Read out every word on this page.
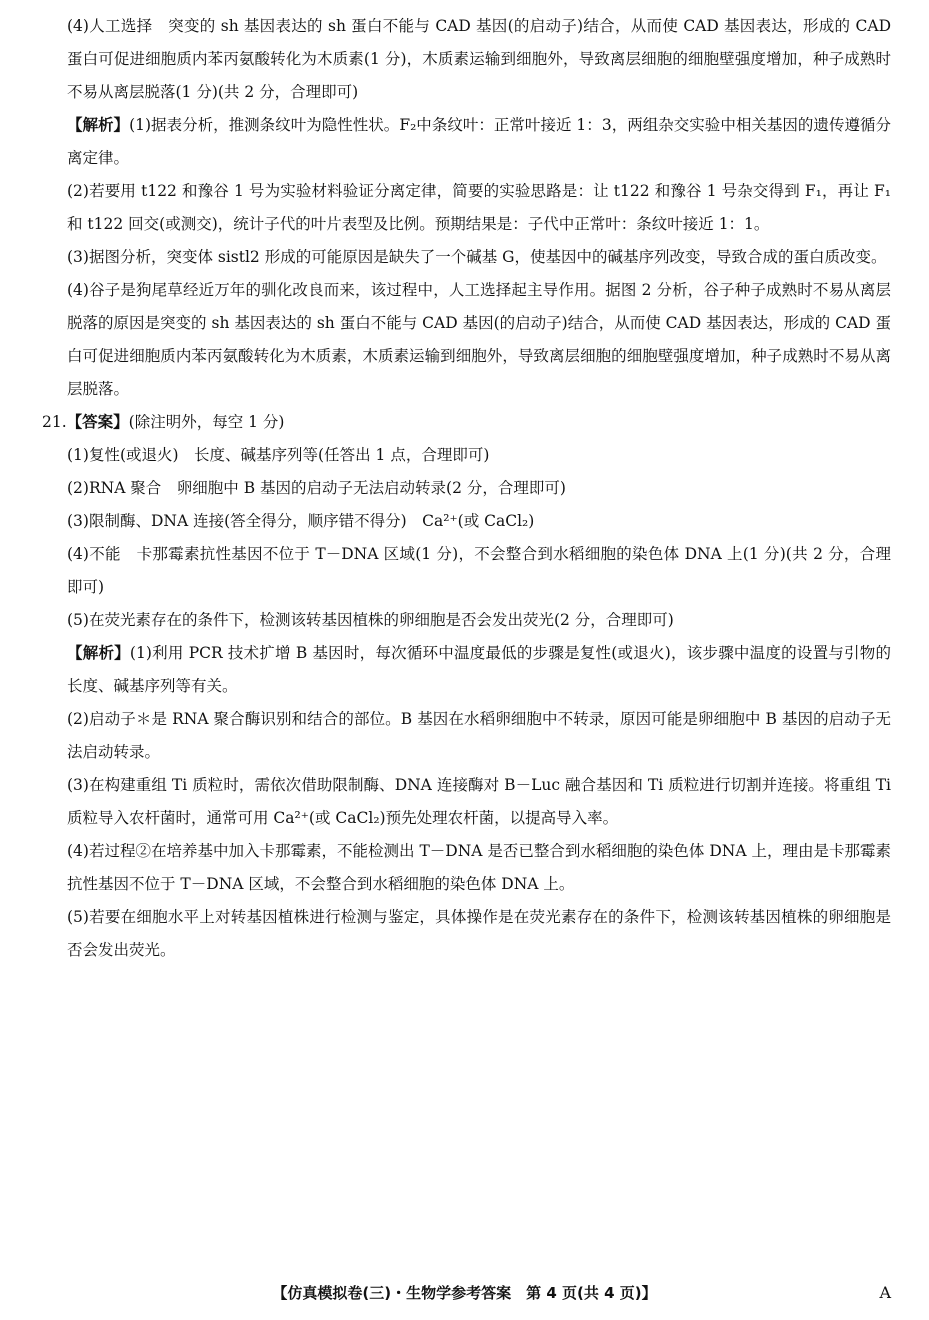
(4)人工选择　突变的 sh 基因表达的 sh 蛋白不能与 CAD 基因(的启动子)结合，从而使 CAD 基因表达，形成的 CAD 蛋白可促进细胞质内苯丙氨酸转化为木质素(1 分)，木质素运输到细胞外，导致离层细胞的细胞壁强度增加，种子成熟时不易从离层脱落(1 分)(共 2 分，合理即可)

【解析】(1)据表分析，推测条纹叶为隐性性状。F₂中条纹叶：正常叶接近 1：3，两组杂交实验中相关基因的遗传遵循分离定律。

(2)若要用 t122 和豫谷 1 号为实验材料验证分离定律，简要的实验思路是：让 t122 和豫谷 1 号杂交得到 F₁，再让 F₁和 t122 回交(或测交)，统计子代的叶片表型及比例。预期结果是：子代中正常叶：条纹叶接近 1：1。

(3)据图分析，突变体 sistl2 形成的可能原因是缺失了一个碱基 G，使基因中的碱基序列改变，导致合成的蛋白质改变。

(4)谷子是狗尾草经近万年的驯化改良而来，该过程中，人工选择起主导作用。据图 2 分析，谷子种子成熟时不易从离层脱落的原因是突变的 sh 基因表达的 sh 蛋白不能与 CAD 基因(的启动子)结合，从而使 CAD 基因表达，形成的 CAD 蛋白可促进细胞质内苯丙氨酸转化为木质素，木质素运输到细胞外，导致离层细胞的细胞壁强度增加，种子成熟时不易从离层脱落。

21.【答案】(除注明外，每空 1 分)

(1)复性(或退火)　长度、碱基序列等(任答出 1 点，合理即可)

(2)RNA 聚合　卵细胞中 B 基因的启动子无法启动转录(2 分，合理即可)

(3)限制酶、DNA 连接(答全得分，顺序错不得分)　Ca²⁺(或 CaCl₂)

(4)不能　卡那霉素抗性基因不位于 T－DNA 区域(1 分)，不会整合到水稻细胞的染色体 DNA 上(1 分)(共 2 分，合理即可)

(5)在荧光素存在的条件下，检测该转基因植株的卵细胞是否会发出荧光(2 分，合理即可)

【解析】(1)利用 PCR 技术扩增 B 基因时，每次循环中温度最低的步骤是复性(或退火)，该步骤中温度的设置与引物的长度、碱基序列等有关。

(2)启动子＊是 RNA 聚合酶识别和结合的部位。B 基因在水稻卵细胞中不转录，原因可能是卵细胞中 B 基因的启动子无法启动转录。

(3)在构建重组 Ti 质粒时，需依次借助限制酶、DNA 连接酶对 B－Luc 融合基因和 Ti 质粒进行切割并连接。将重组 Ti 质粒导入农杆菌时，通常可用 Ca²⁺(或 CaCl₂)预先处理农杆菌，以提高导入率。

(4)若过程②在培养基中加入卡那霉素，不能检测出 T－DNA 是否已整合到水稻细胞的染色体 DNA 上，理由是卡那霉素抗性基因不位于 T－DNA 区域，不会整合到水稻细胞的染色体 DNA 上。

(5)若要在细胞水平上对转基因植株进行检测与鉴定，具体操作是在荧光素存在的条件下，检测该转基因植株的卵细胞是否会发出荧光。

【仿真模拟卷(三)・生物学参考答案　第 4 页(共 4 页)】	A
